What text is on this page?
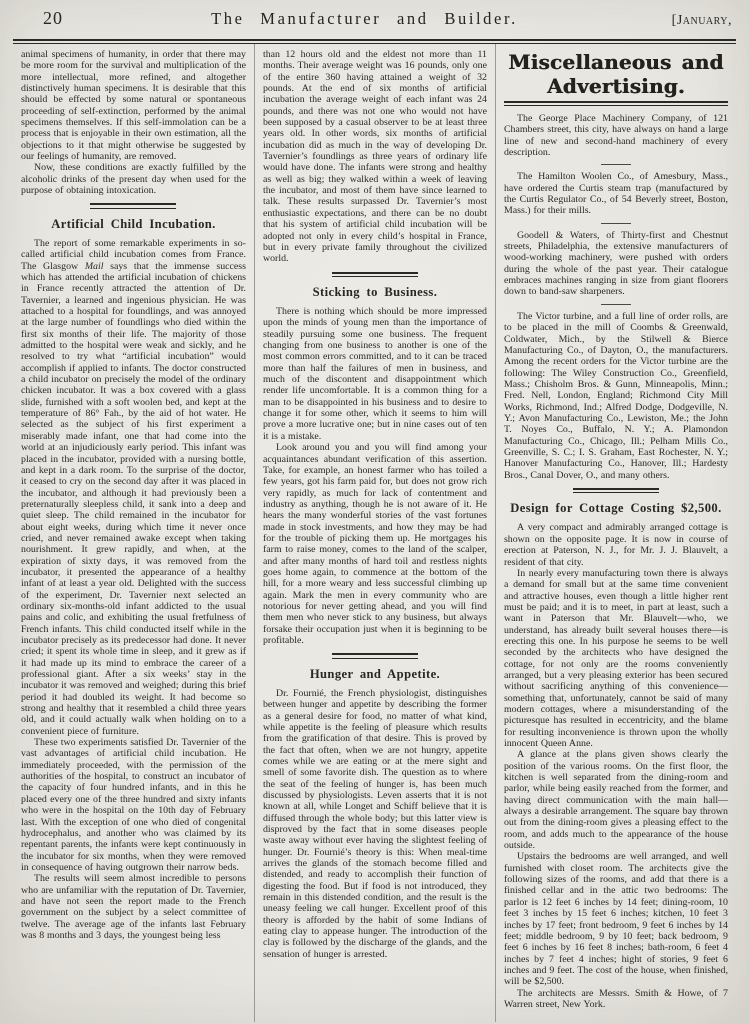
20	The Manufacturer and Builder.	[January,

animal specimens of humanity, in order that there may be more room for the survival and multiplication of the more intellectual, more refined, and altogether distinctively human specimens. It is desirable that this should be effected by some natural or spontaneous proceeding of self-extinction, performed by the animal specimens themselves. If this self-immolation can be a process that is enjoyable in their own estimation, all the objections to it that might otherwise be suggested by our feelings of humanity, are removed.

Now, these conditions are exactly fulfilled by the alcoholic drinks of the present day when used for the purpose of obtaining intoxication.

Artificial Child Incubation.

The report of some remarkable experiments in so-called artificial child incubation comes from France. The Glasgow Mail says that the immense success which has attended the artificial incubation of chickens in France recently attracted the attention of Dr. Tavernier, a learned and ingenious physician. He was attached to a hospital for foundlings, and was annoyed at the large number of foundlings who died within the first six months of their life. The majority of those admitted to the hospital were weak and sickly, and he resolved to try what “artificial incubation” would accomplish if applied to infants. The doctor constructed a child incubator on precisely the model of the ordinary chicken incubator. It was a box covered with a glass slide, furnished with a soft woolen bed, and kept at the temperature of 86° Fah., by the aid of hot water. He selected as the subject of his first experiment a miserably made infant, one that had come into the world at an injudiciously early period. This infant was placed in the incubator, provided with a nursing bottle, and kept in a dark room. To the surprise of the doctor, it ceased to cry on the second day after it was placed in the incubator, and although it had previously been a preternaturally sleepless child, it sank into a deep and quiet sleep. The child remained in the incubator for about eight weeks, during which time it never once cried, and never remained awake except when taking nourishment. It grew rapidly, and when, at the expiration of sixty days, it was removed from the incubator, it presented the appearance of a healthy infant of at least a year old. Delighted with the success of the experiment, Dr. Tavernier next selected an ordinary six-months-old infant addicted to the usual pains and colic, and exhibiting the usual fretfulness of French infants. This child conducted itself while in the incubator precisely as its predecessor had done. It never cried; it spent its whole time in sleep, and it grew as if it had made up its mind to embrace the career of a professional giant. After a six weeks’ stay in the incubator it was removed and weighed; during this brief period it had doubled its weight. It had become so strong and healthy that it resembled a child three years old, and it could actually walk when holding on to a convenient piece of furniture.

These two experiments satisfied Dr. Tavernier of the vast advantages of artificial child incubation. He immediately proceeded, with the permission of the authorities of the hospital, to construct an incubator of the capacity of four hundred infants, and in this he placed every one of the three hundred and sixty infants who were in the hospital on the 10th day of February last. With the exception of one who died of congenital hydrocephalus, and another who was claimed by its repentant parents, the infants were kept continuously in the incubator for six months, when they were removed in consequence of having outgrown their narrow beds.

The results will seem almost incredible to persons who are unfamiliar with the reputation of Dr. Tavernier, and have not seen the report made to the French government on the subject by a select committee of twelve. The average age of the infants last February was 8 months and 3 days, the youngest being less

than 12 hours old and the eldest not more than 11 months. Their average weight was 16 pounds, only one of the entire 360 having attained a weight of 32 pounds. At the end of six months of artificial incubation the average weight of each infant was 24 pounds, and there was not one who would not have been supposed by a casual observer to be at least three years old. In other words, six months of artificial incubation did as much in the way of developing Dr. Tavernier’s foundlings as three years of ordinary life would have done. The infants were strong and healthy as well as big; they walked within a week of leaving the incubator, and most of them have since learned to talk. These results surpassed Dr. Tavernier’s most enthusiastic expectations, and there can be no doubt that his system of artificial child incubation will be adopted not only in every child’s hospital in France, but in every private family throughout the civilized world.

Sticking to Business.

There is nothing which should be more impressed upon the minds of young men than the importance of steadily pursuing some one business. The frequent changing from one business to another is one of the most common errors committed, and to it can be traced more than half the failures of men in business, and much of the discontent and disappointment which render life uncomfortable. It is a common thing for a man to be disappointed in his business and to desire to change it for some other, which it seems to him will prove a more lucrative one; but in nine cases out of ten it is a mistake.

Look around you and you will find among your acquaintances abundant verification of this assertion. Take, for example, an honest farmer who has toiled a few years, got his farm paid for, but does not grow rich very rapidly, as much for lack of contentment and industry as anything, though he is not aware of it. He hears the many wonderful stories of the vast fortunes made in stock investments, and how they may be had for the trouble of picking them up. He mortgages his farm to raise money, comes to the land of the scalper, and after many months of hard toil and restless nights goes home again, to commence at the bottom of the hill, for a more weary and less successful climbing up again. Mark the men in every community who are notorious for never getting ahead, and you will find them men who never stick to any business, but always forsake their occupation just when it is beginning to be profitable.

Hunger and Appetite.

Dr. Fournié, the French physiologist, distinguishes between hunger and appetite by describing the former as a general desire for food, no matter of what kind, while appetite is the feeling of pleasure which results from the gratification of that desire. This is proved by the fact that often, when we are not hungry, appetite comes while we are eating or at the mere sight and smell of some favorite dish. The question as to where the seat of the feeling of hunger is, has been much discussed by physiologists. Leven asserts that it is not known at all, while Longet and Schiff believe that it is diffused through the whole body; but this latter view is disproved by the fact that in some diseases people waste away without ever having the slightest feeling of hunger. Dr. Fournié’s theory is this: When meal-time arrives the glands of the stomach become filled and distended, and ready to accomplish their function of digesting the food. But if food is not introduced, they remain in this distended condition, and the result is the uneasy feeling we call hunger. Excellent proof of this theory is afforded by the habit of some Indians of eating clay to appease hunger. The introduction of the clay is followed by the discharge of the glands, and the sensation of hunger is arrested.

Miscellaneous and Advertising.

The George Place Machinery Company, of 121 Chambers street, this city, have always on hand a large line of new and second-hand machinery of every description.

The Hamilton Woolen Co., of Amesbury, Mass., have ordered the Curtis steam trap (manufactured by the Curtis Regulator Co., of 54 Beverly street, Boston, Mass.) for their mills.

Goodell & Waters, of Thirty-first and Chestnut streets, Philadelphia, the extensive manufacturers of wood-working machinery, were pushed with orders during the whole of the past year. Their catalogue embraces machines ranging in size from giant floorers down to band-saw sharpeners.

The Victor turbine, and a full line of order rolls, are to be placed in the mill of Coombs & Greenwald, Coldwater, Mich., by the Stilwell & Bierce Manufacturing Co., of Dayton, O., the manufacturers. Among the recent orders for the Victor turbine are the following: The Wiley Construction Co., Greenfield, Mass.; Chisholm Bros. & Gunn, Minneapolis, Minn.; Fred. Nell, London, England; Richmond City Mill Works, Richmond, Ind.; Alfred Dodge, Dodgeville, N. Y.; Avon Manufacturing Co., Lewiston, Me.; the John T. Noyes Co., Buffalo, N. Y.; A. Plamondon Manufacturing Co., Chicago, Ill.; Pelham Mills Co., Greenville, S. C.; I. S. Graham, East Rochester, N. Y.; Hanover Manufacturing Co., Hanover, Ill.; Hardesty Bros., Canal Dover, O., and many others.

Design for Cottage Costing $2,500.

A very compact and admirably arranged cottage is shown on the opposite page. It is now in course of erection at Paterson, N. J., for Mr. J. J. Blauvelt, a resident of that city.

In nearly every manufacturing town there is always a demand for small but at the same time convenient and attractive houses, even though a little higher rent must be paid; and it is to meet, in part at least, such a want in Paterson that Mr. Blauvelt—who, we understand, has already built several houses there—is erecting this one. In his purpose he seems to be well seconded by the architects who have designed the cottage, for not only are the rooms conveniently arranged, but a very pleasing exterior has been secured without sacrificing anything of this convenience—something that, unfortunately, cannot be said of many modern cottages, where a misunderstanding of the picturesque has resulted in eccentricity, and the blame for resulting inconvenience is thrown upon the wholly innocent Queen Anne.

A glance at the plans given shows clearly the position of the various rooms. On the first floor, the kitchen is well separated from the dining-room and parlor, while being easily reached from the former, and having direct communication with the main hall—always a desirable arrangement. The square bay thrown out from the dining-room gives a pleasing effect to the room, and adds much to the appearance of the house outside.

Upstairs the bedrooms are well arranged, and well furnished with closet room. The architects give the following sizes of the rooms, and add that there is a finished cellar and in the attic two bedrooms: The parlor is 12 feet 6 inches by 14 feet; dining-room, 10 feet 3 inches by 15 feet 6 inches; kitchen, 10 feet 3 inches by 17 feet; front bedroom, 9 feet 6 inches by 14 feet; middle bedroom, 9 by 10 feet; back bedroom, 9 feet 6 inches by 16 feet 8 inches; bath-room, 6 feet 4 inches by 7 feet 4 inches; hight of stories, 9 feet 6 inches and 9 feet. The cost of the house, when finished, will be $2,500.

The architects are Messrs. Smith & Howe, of 7 Warren street, New York.
